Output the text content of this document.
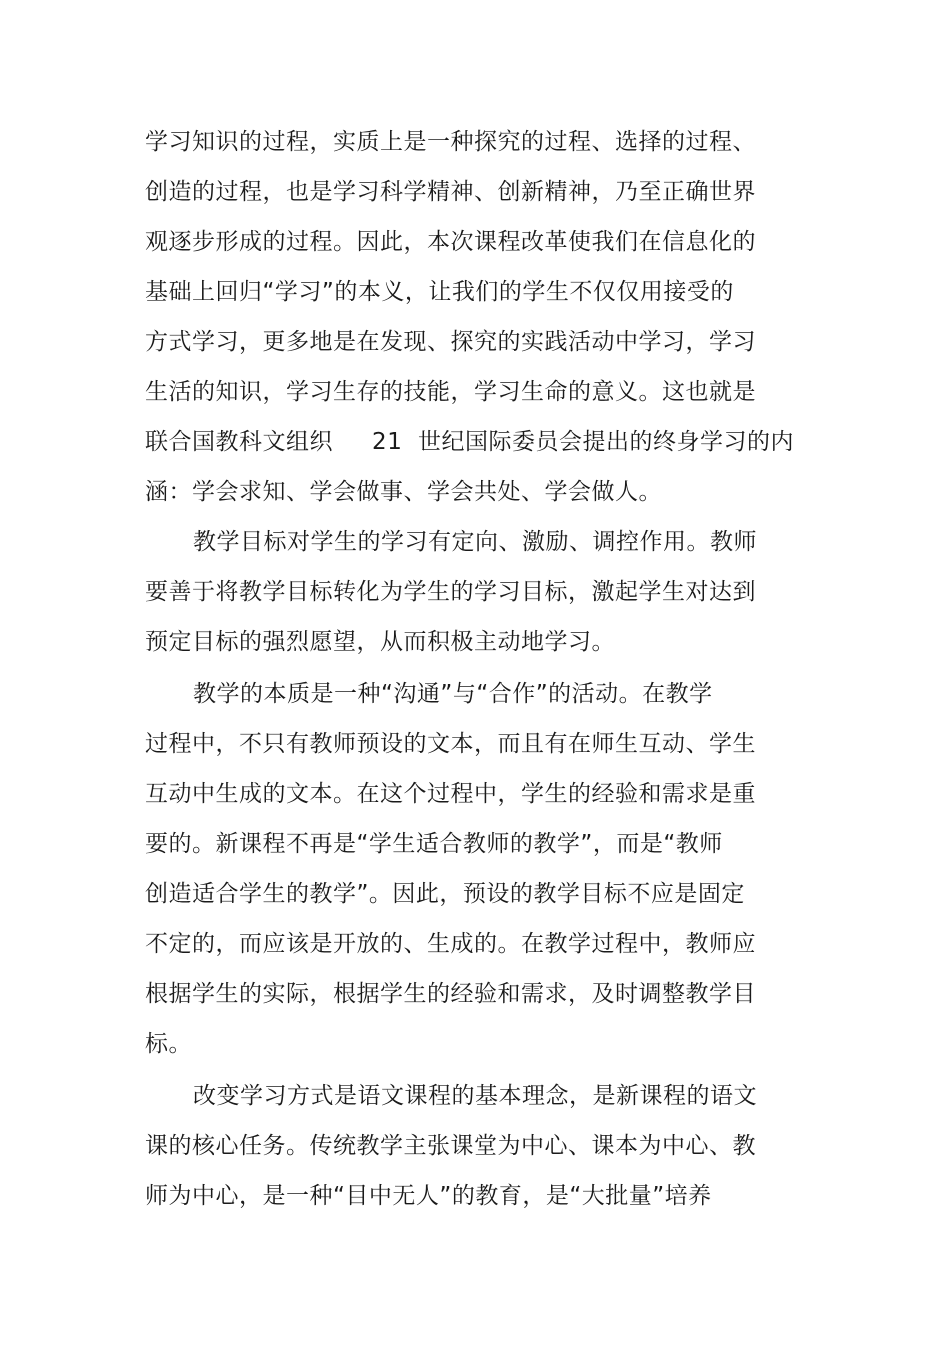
学习知识的过程，实质上是一种探究的过程、选择的过程、
创造的过程，也是学习科学精神、创新精神，乃至正确世界
观逐步形成的过程。因此，本次课程改革使我们在信息化的
基础上回归“学习”的本义，让我们的学生不仅仅用接受的
方式学习，更多地是在发现、探究的实践活动中学习，学习
生活的知识，学习生存的技能，学习生命的意义。这也就是
联合国教科文组织     21  世纪国际委员会提出的终身学习的内
涵：学会求知、学会做事、学会共处、学会做人。
教学目标对学生的学习有定向、激励、调控作用。教师
要善于将教学目标转化为学生的学习目标，激起学生对达到
预定目标的强烈愿望，从而积极主动地学习。
教学的本质是一种“沟通”与“合作”的活动。在教学
过程中，不只有教师预设的文本，而且有在师生互动、学生
互动中生成的文本。在这个过程中，学生的经验和需求是重
要的。新课程不再是“学生适合教师的教学”，而是“教师
创造适合学生的教学”。因此，预设的教学目标不应是固定
不定的，而应该是开放的、生成的。在教学过程中，教师应
根据学生的实际，根据学生的经验和需求，及时调整教学目
标。
改变学习方式是语文课程的基本理念，是新课程的语文
课的核心任务。传统教学主张课堂为中心、课本为中心、教
师为中心，是一种“目中无人”的教育，是“大批量”培养
